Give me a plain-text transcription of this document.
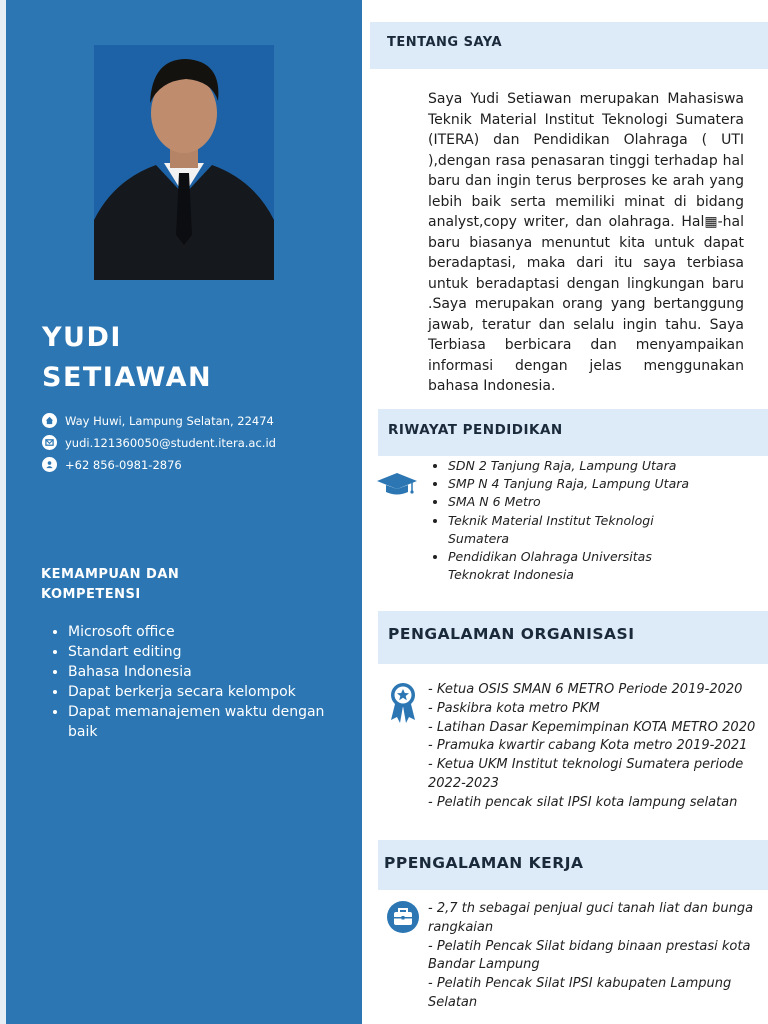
YUDI
SETIAWAN
Way Huwi, Lampung Selatan, 22474
yudi.121360050@student.itera.ac.id
+62 856-0981-2876
KEMAMPUAN DAN
KOMPETENSI
• Microsoft office
• Standart editing
• Bahasa Indonesia
• Dapat berkerja secara kelompok
• Dapat memanajemen waktu dengan baik
TENTANG SAYA

Saya Yudi Setiawan merupakan Mahasiswa Teknik Material Institut Teknologi Sumatera (ITERA) dan Pendidikan Olahraga ( UTI ),dengan rasa penasaran tinggi terhadap hal baru dan ingin terus berproses ke arah yang lebih baik serta memiliki minat di bidang analyst,copy writer, dan olahraga. Hal▦-hal baru biasanya menuntut kita untuk dapat beradaptasi, maka dari itu saya terbiasa untuk beradaptasi dengan lingkungan baru .Saya merupakan orang yang bertanggung jawab, teratur dan selalu ingin tahu. Saya Terbiasa berbicara dan menyampaikan informasi dengan jelas menggunakan bahasa Indonesia.

RIWAYAT PENDIDIKAN
• SDN 2 Tanjung Raja, Lampung Utara
• SMP N 4 Tanjung Raja, Lampung Utara
• SMA N 6 Metro
• Teknik Material Institut Teknologi Sumatera
• Pendidikan Olahraga Universitas Teknokrat Indonesia
PENGALAMAN ORGANISASI
- Ketua OSIS SMAN 6 METRO Periode 2019-2020
- Paskibra kota metro PKM
- Latihan Dasar Kepemimpinan KOTA METRO 2020
- Pramuka kwartir cabang Kota metro 2019-2021
- Ketua UKM Institut teknologi Sumatera periode 2022-2023
- Pelatih pencak silat IPSI kota lampung selatan
PPENGALAMAN KERJA
- 2,7 th sebagai penjual guci tanah liat dan bunga rangkaian
- Pelatih Pencak Silat bidang binaan prestasi kota Bandar Lampung
- Pelatih Pencak Silat IPSI kabupaten Lampung Selatan
